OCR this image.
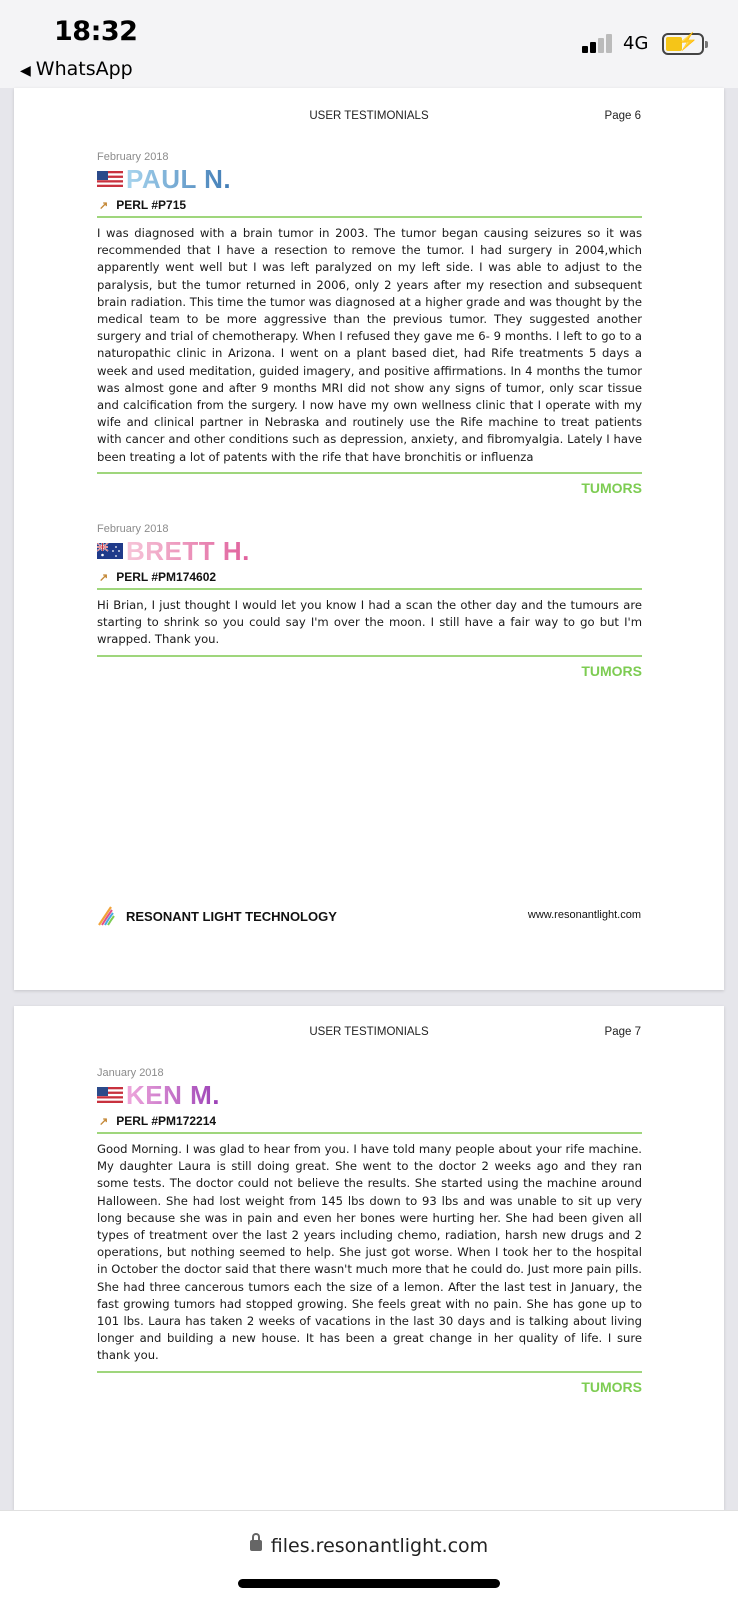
18:32
◀ WhatsApp
4G ⚡
USER TESTIMONIALS	Page 6
February 2018
PAUL N.
↗ PERL #P715
I was diagnosed with a brain tumor in 2003. The tumor began causing seizures so it was recommended that I have a resection to remove the tumor. I had surgery in 2004,which apparently went well but I was left paralyzed on my left side. I was able to adjust to the paralysis, but the tumor returned in 2006, only 2 years after my resection and subsequent brain radiation. This time the tumor was diagnosed at a higher grade and was thought by the medical team to be more aggressive than the previous tumor. They suggested another surgery and trial of chemotherapy. When I refused they gave me 6- 9 months. I left to go to a naturopathic clinic in Arizona. I went on a plant based diet, had Rife treatments 5 days a week and used meditation, guided imagery, and positive affirmations. In 4 months the tumor was almost gone and after 9 months MRI did not show any signs of tumor, only scar tissue and calcification from the surgery. I now have my own wellness clinic that I operate with my wife and clinical partner in Nebraska and routinely use the Rife machine to treat patients with cancer and other conditions such as depression, anxiety, and fibromyalgia. Lately I have been treating a lot of patents with the rife that have bronchitis or influenza
TUMORS
February 2018
BRETT H.
↗ PERL #PM174602
Hi Brian, I just thought I would let you know I had a scan the other day and the tumours are starting to shrink so you could say I'm over the moon. I still have a fair way to go but I'm wrapped. Thank you.
TUMORS
RESONANT LIGHT TECHNOLOGY	www.resonantlight.com
USER TESTIMONIALS	Page 7
January 2018
KEN M.
↗ PERL #PM172214
Good Morning. I was glad to hear from you. I have told many people about your rife machine. My daughter Laura is still doing great. She went to the doctor 2 weeks ago and they ran some tests. The doctor could not believe the results. She started using the machine around Halloween. She had lost weight from 145 lbs down to 93 lbs and was unable to sit up very long because she was in pain and even her bones were hurting her. She had been given all types of treatment over the last 2 years including chemo, radiation, harsh new drugs and 2 operations, but nothing seemed to help. She just got worse. When I took her to the hospital in October the doctor said that there wasn't much more that he could do. Just more pain pills. She had three cancerous tumors each the size of a lemon. After the last test in January, the fast growing tumors had stopped growing. She feels great with no pain. She has gone up to 101 lbs. Laura has taken 2 weeks of vacations in the last 30 days and is talking about living longer and building a new house. It has been a great change in her quality of life. I sure thank you.
TUMORS
files.resonantlight.com
